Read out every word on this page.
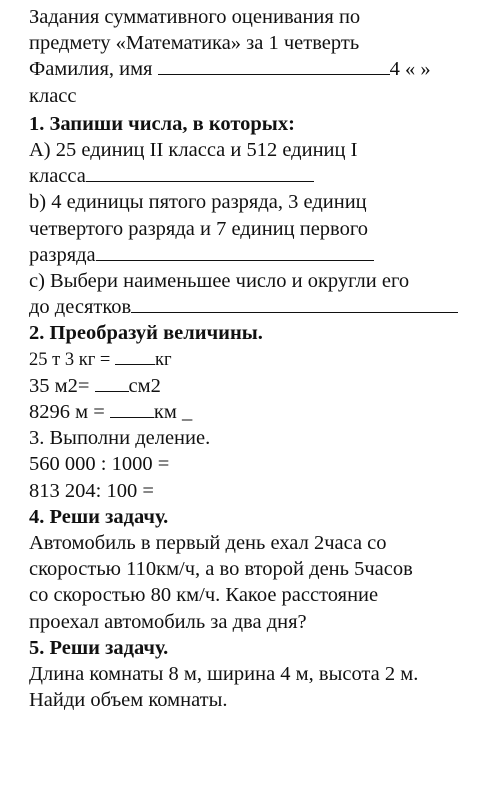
Задания суммативного оценивания по
предмету «Математика» за 1 четверть
Фамилия, имя	4 « »
класс
1. Запиши числа, в которых:
А) 25 единиц II класса и 512 единиц I
класса
b) 4 единицы пятого разряда, 3 единиц
четвертого разряда и 7 единиц первого
разряда
с) Выбери наименьшее число и округли его
до десятков
2. Преобразуй величины.
25 т 3 кг = кг
35 м2= см2
8296 м = км _
3. Выполни деление.
560 000 : 1000 =
813 204: 100 =
4. Реши задачу.
Автомобиль в первый день ехал 2часа со
скоростью 110км/ч, а во второй день 5часов
со скоростью 80 км/ч. Какое расстояние
проехал автомобиль за два дня?
5. Реши задачу.
Длина комнаты 8 м, ширина 4 м, высота 2 м.
Найди объем комнаты.
